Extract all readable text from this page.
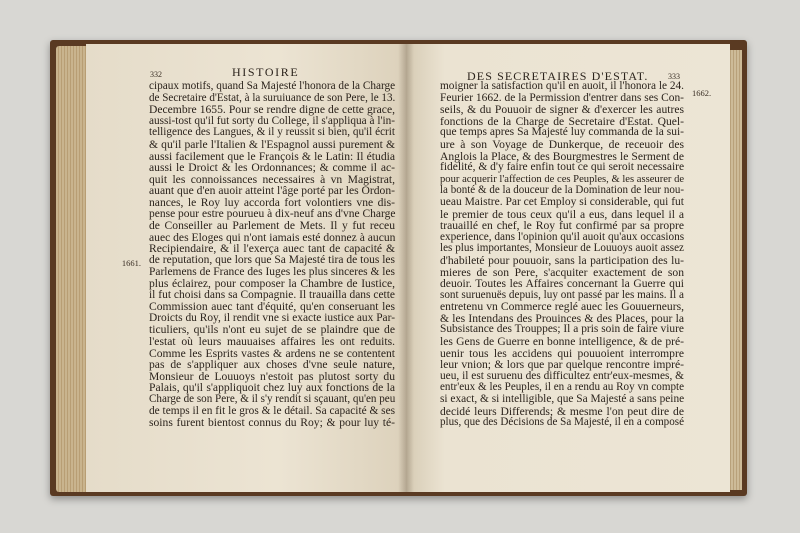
332	HISTOIRE
1661.
DES SECRETAIRES D'ESTAT. 333
1662.
cipaux motifs, quand Sa Majesté l'honora de la Charge
de Secretaire d'Estat, à la suruiuance de son Pere, le 13.
Decembre 1655. Pour se rendre digne de cette grace,
aussi-tost qu'il fut sorty du College, il s'appliqua à l'in-
telligence des Langues, & il y reussit si bien, qu'il écrit
& qu'il parle l'Italien & l'Espagnol aussi purement &
aussi facilement que le François & le Latin: Il étudia
aussi le Droict & les Ordonnances; & comme il ac-
quit les connoissances necessaires à vn Magistrat,
auant que d'en auoir atteint l'âge porté par les Ordon-
nances, le Roy luy accorda fort volontiers vne dis-
pense pour estre pourueu à dix-neuf ans d'vne Charge
de Conseiller au Parlement de Mets. Il y fut receu
auec des Eloges qui n'ont iamais esté donnez à aucun
Recipiendaire, & il l'exerça auec tant de capacité &
de reputation, que lors que Sa Majesté tira de tous les
Parlemens de France des Iuges les plus sinceres & les
plus éclairez, pour composer la Chambre de Iustice,
il fut choisi dans sa Compagnie. Il trauailla dans cette
Commission auec tant d'équité, qu'en conseruant les
Droicts du Roy, il rendit vne si exacte iustice aux Par-
ticuliers, qu'ils n'ont eu sujet de se plaindre que de
l'estat où leurs mauuaises affaires les ont reduits.
Comme les Esprits vastes & ardens ne se contentent
pas de s'appliquer aux choses d'vne seule nature,
Monsieur de Louuoys n'estoit pas plutost sorty du
Palais, qu'il s'appliquoit chez luy aux fonctions de la
Charge de son Pere, & il s'y rendit si sçauant, qu'en peu
de temps il en fit le gros & le détail. Sa capacité & ses
soins furent bientost connus du Roy; & pour luy té-
moigner la satisfaction qu'il en auoit, il l'honora le 24.
Feurier 1662. de la Permission d'entrer dans ses Con-
seils, & du Pouuoir de signer & d'exercer les autres
fonctions de la Charge de Secretaire d'Estat. Quel-
que temps apres Sa Majesté luy commanda de la sui-
ure à son Voyage de Dunkerque, de receuoir des
Anglois la Place, & des Bourgmestres le Serment de
fidelité, & d'y faire enfin tout ce qui seroit necessaire
pour acquerir l'affection de ces Peuples, & les asseurer de
la bonté & de la douceur de la Domination de leur nou-
ueau Maistre. Par cet Employ si considerable, qui fut
le premier de tous ceux qu'il a eus, dans lequel il a
trauaillé en chef, le Roy fut confirmé par sa propre
experience, dans l'opinion qu'il auoit qu'aux occasions
les plus importantes, Monsieur de Louuoys auoit assez
d'habileté pour pouuoir, sans la participation des lu-
mieres de son Pere, s'acquiter exactement de son
deuoir. Toutes les Affaires concernant la Guerre qui
sont suruenuës depuis, luy ont passé par les mains. Il a
entretenu vn Commerce reglé auec les Gouuerneurs,
& les Intendans des Prouinces & des Places, pour la
Subsistance des Trouppes; Il a pris soin de faire viure
les Gens de Guerre en bonne intelligence, & de pré-
uenir tous les accidens qui pouuoient interrompre
leur vnion; & lors que par quelque rencontre impré-
ueu, il est suruenu des difficultez entr'eux-mesmes, &
entr'eux & les Peuples, il en a rendu au Roy vn compte
si exact, & si intelligible, que Sa Majesté a sans peine
decidé leurs Differends; & mesme l'on peut dire de
plus, que des Décisions de Sa Majesté, il en a composé
